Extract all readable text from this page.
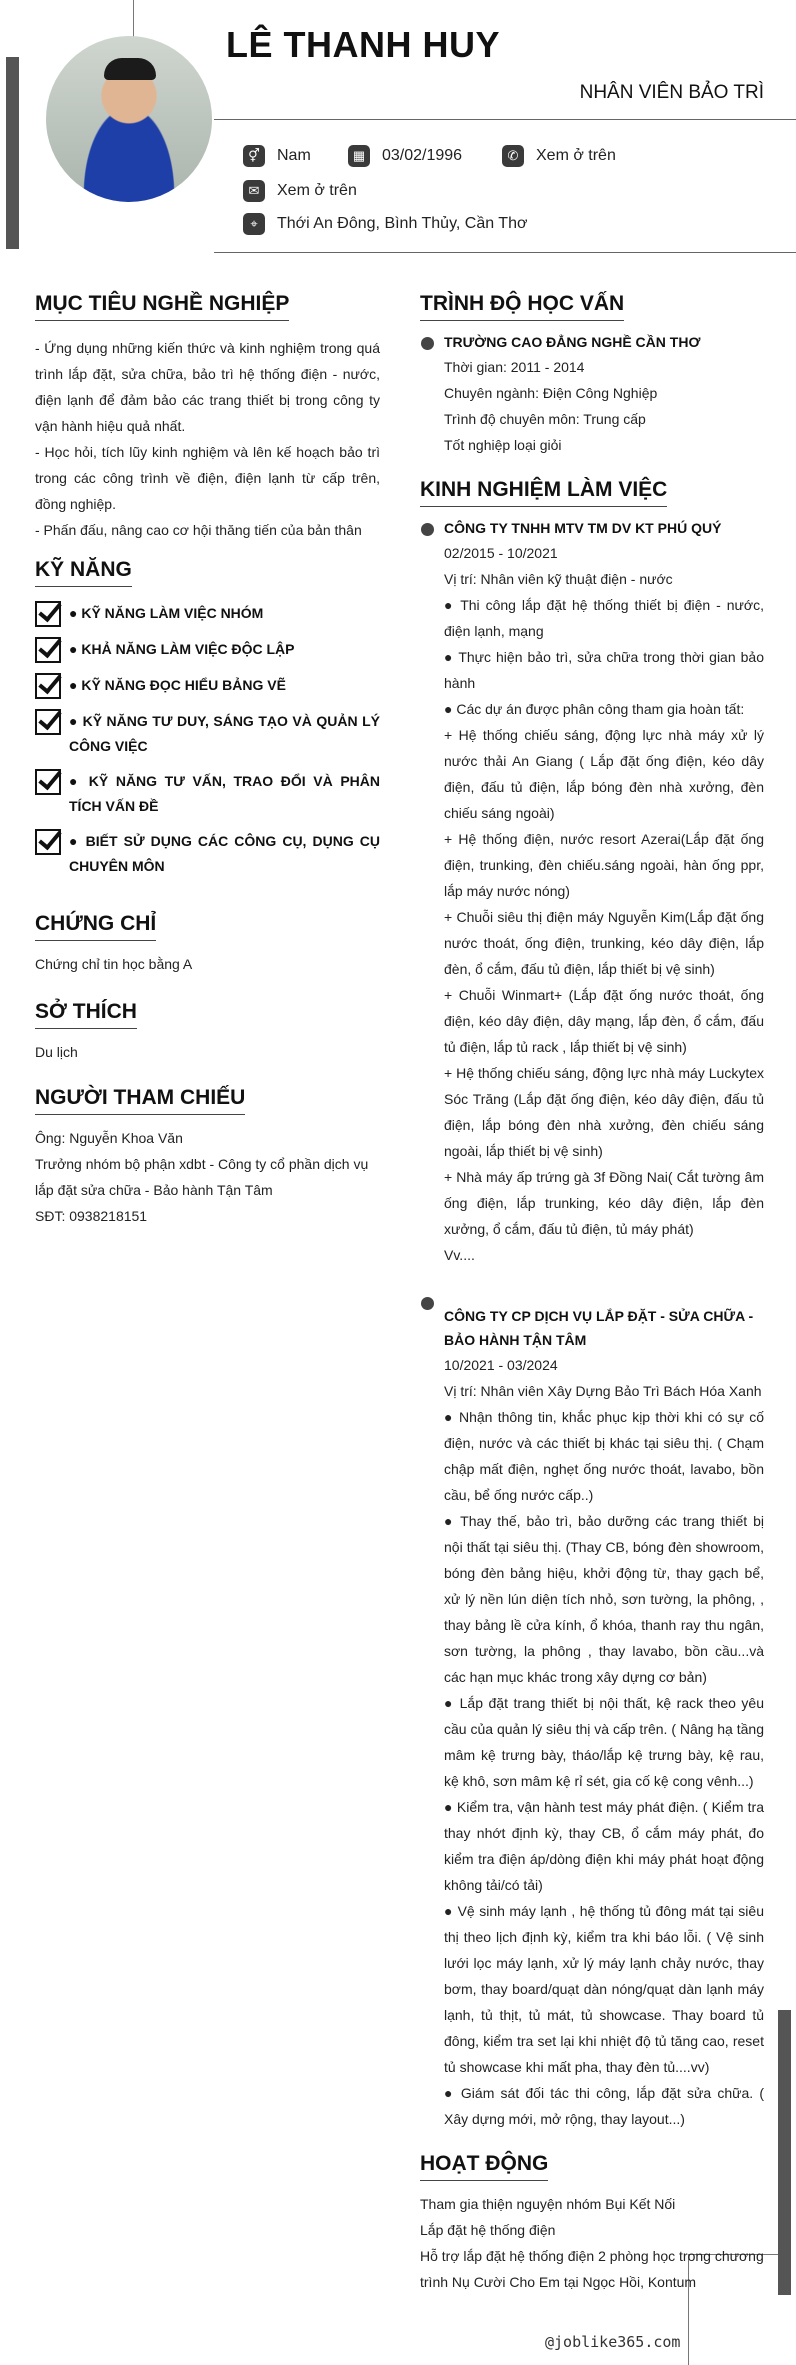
LÊ THANH HUY
NHÂN VIÊN BẢO TRÌ
⚥	Nam	▦	03/02/1996	✆	Xem ở trên
✉	Xem ở trên
⌖	Thới An Đông, Bình Thủy, Cần Thơ
MỤC TIÊU NGHỀ NGHIỆP
- Ứng dụng những kiến thức và kinh nghiệm trong quá trình lắp đặt, sửa chữa, bảo trì hệ thống điện - nước, điện lạnh để đảm bảo các trang thiết bị trong công ty vận hành hiệu quả nhất.
- Học hỏi, tích lũy kinh nghiệm và lên kế hoạch bảo trì trong các công trình về điện, điện lạnh từ cấp trên, đồng nghiệp.
- Phấn đấu, nâng cao cơ hội thăng tiến của bản thân
KỸ NĂNG
● KỸ NĂNG LÀM VIỆC NHÓM
● KHẢ NĂNG LÀM VIỆC ĐỘC LẬP
● KỸ NĂNG ĐỌC HIỂU BẢNG VẼ
● KỸ NĂNG TƯ DUY, SÁNG TẠO VÀ QUẢN LÝ CÔNG VIỆC
● KỸ NĂNG TƯ VẤN, TRAO ĐỔI VÀ PHÂN TÍCH VẤN ĐỀ
● BIẾT SỬ DỤNG CÁC CÔNG CỤ, DỤNG CỤ CHUYÊN MÔN
CHỨNG CHỈ
Chứng chỉ tin học bằng A
SỞ THÍCH
Du lịch
NGƯỜI THAM CHIẾU
Ông: Nguyễn Khoa Văn
Trưởng nhóm bộ phận xdbt - Công ty cổ phần dịch vụ lắp đặt sửa chữa - Bảo hành Tận Tâm
SĐT: 0938218151
TRÌNH ĐỘ HỌC VẤN
TRƯỜNG CAO ĐẲNG NGHỀ CẦN THƠ
Thời gian: 2011 - 2014
Chuyên ngành: Điện Công Nghiệp
Trình độ chuyên môn: Trung cấp
Tốt nghiệp loại giỏi
KINH NGHIỆM LÀM VIỆC
CÔNG TY TNHH MTV TM DV KT PHÚ QUÝ
02/2015 - 10/2021
Vị trí: Nhân viên kỹ thuật điện - nước
● Thi công lắp đặt hệ thống thiết bị điện - nước, điện lạnh, mạng
● Thực hiện bảo trì, sửa chữa trong thời gian bảo hành
● Các dự án được phân công tham gia hoàn tất:
+ Hệ thống chiếu sáng, động lực nhà máy xử lý nước thải An Giang ( Lắp đặt ống điện, kéo dây điện, đấu tủ điện, lắp bóng đèn nhà xưởng, đèn chiếu sáng ngoài)
+ Hệ thống điện, nước resort Azerai(Lắp đặt ống điện, trunking, đèn chiếu.sáng ngoài, hàn ống ppr, lắp máy nước nóng)
+ Chuỗi siêu thị điện máy Nguyễn Kim(Lắp đặt ống nước thoát, ống điện, trunking, kéo dây điện, lắp đèn, ổ cắm, đấu tủ điện, lắp thiết bị vệ sinh)
+ Chuỗi Winmart+ (Lắp đặt ống nước thoát, ống điện, kéo dây điện, dây mạng, lắp đèn, ổ cắm, đấu tủ điện, lắp tủ rack , lắp thiết bị vệ sinh)
+ Hệ thống chiếu sáng, động lực nhà máy Luckytex Sóc Trăng (Lắp đặt ống điện, kéo dây điện, đấu tủ điện, lắp bóng đèn nhà xưởng, đèn chiếu sáng ngoài, lắp thiết bị vệ sinh)
+ Nhà máy ấp trứng gà 3f Đồng Nai( Cắt tường âm ống điện, lắp trunking, kéo dây điện, lắp đèn xưởng, ổ cắm, đấu tủ điện, tủ máy phát)
Vv....
CÔNG TY CP DỊCH VỤ LẮP ĐẶT - SỬA CHỮA - BẢO HÀNH TẬN TÂM
10/2021 - 03/2024
Vị trí: Nhân viên Xây Dựng Bảo Trì Bách Hóa Xanh
● Nhận thông tin, khắc phục kịp thời khi có sự cố điện, nước và các thiết bị khác tại siêu thị. ( Chạm chập mất điện, nghẹt ống nước thoát, lavabo, bồn cầu, bể ống nước cấp..)
● Thay thế, bảo trì, bảo dưỡng các trang thiết bị nội thất tại siêu thị. (Thay CB, bóng đèn showroom, bóng đèn bảng hiệu, khởi động từ, thay gạch bể, xử lý nền lún diện tích nhỏ, sơn tường, la phông, , thay bảng lề cửa kính, ổ khóa, thanh ray thu ngân, sơn tường, la phông , thay lavabo, bồn cầu...và các hạn mục khác trong xây dựng cơ bản)
● Lắp đặt trang thiết bị nội thất, kệ rack theo yêu cầu của quản lý siêu thị và cấp trên. ( Nâng hạ tầng mâm kệ trưng bày, tháo/lắp kệ trưng bày, kệ rau, kệ khô, sơn mâm kệ rỉ sét, gia cố kệ cong vênh...)
● Kiểm tra, vận hành test máy phát điện. ( Kiểm tra thay nhớt định kỳ, thay CB, ổ cắm máy phát, đo kiểm tra điện áp/dòng điện khi máy phát hoạt động không tải/có tải)
● Vệ sinh máy lạnh , hệ thống tủ đông mát tại siêu thị theo lịch định kỳ, kiểm tra khi báo lỗi. ( Vệ sinh lưới lọc máy lạnh, xử lý máy lạnh chảy nước, thay bơm, thay board/quạt dàn nóng/quạt dàn lạnh máy lạnh, tủ thịt, tủ mát, tủ showcase. Thay board tủ đông, kiểm tra set lại khi nhiệt độ tủ tăng cao, reset tủ showcase khi mất pha, thay đèn tủ....vv)
● Giám sát đối tác thi công, lắp đặt sửa chữa. ( Xây dựng mới, mở rộng, thay layout...)
HOẠT ĐỘNG
Tham gia thiện nguyện nhóm Bụi Kết Nối
Lắp đặt hệ thống điện
Hỗ trợ lắp đặt hệ thống điện 2 phòng học trong chương trình Nụ Cười Cho Em tại Ngọc Hồi, Kontum
@joblike365.com
